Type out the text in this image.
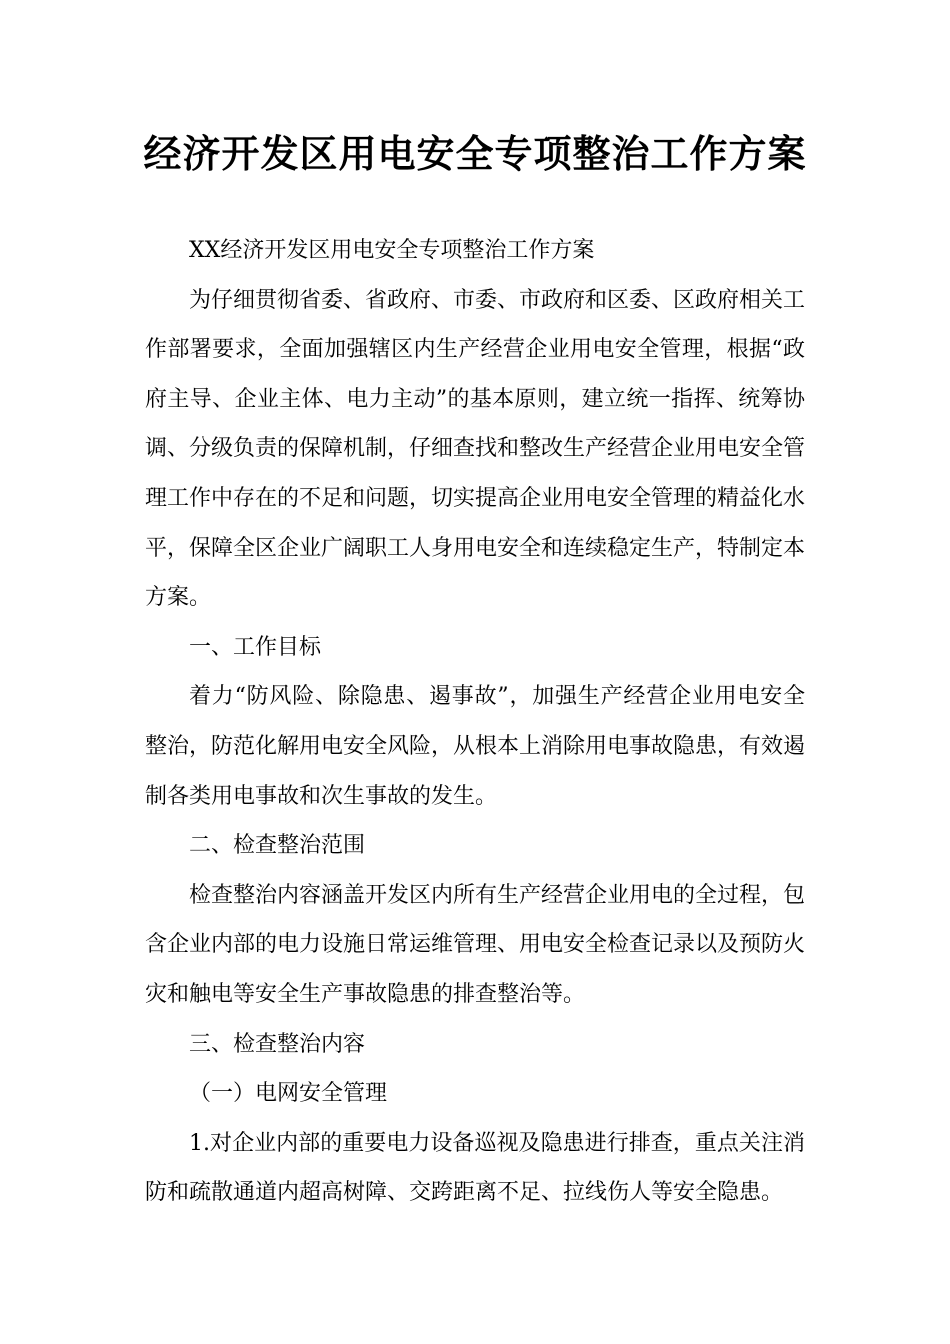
经济开发区用电安全专项整治工作方案

XX经济开发区用电安全专项整治工作方案

为仔细贯彻省委、省政府、市委、市政府和区委、区政府相关工作部署要求，全面加强辖区内生产经营企业用电安全管理，根据“政府主导、企业主体、电力主动”的基本原则，建立统一指挥、统筹协调、分级负责的保障机制，仔细查找和整改生产经营企业用电安全管理工作中存在的不足和问题，切实提高企业用电安全管理的精益化水平，保障全区企业广阔职工人身用电安全和连续稳定生产，特制定本方案。

一、工作目标

着力“防风险、除隐患、遏事故”，加强生产经营企业用电安全整治，防范化解用电安全风险，从根本上消除用电事故隐患，有效遏制各类用电事故和次生事故的发生。

二、检查整治范围

检查整治内容涵盖开发区内所有生产经营企业用电的全过程，包含企业内部的电力设施日常运维管理、用电安全检查记录以及预防火灾和触电等安全生产事故隐患的排查整治等。

三、检查整治内容

（一）电网安全管理

1.对企业内部的重要电力设备巡视及隐患进行排查，重点关注消防和疏散通道内超高树障、交跨距离不足、拉线伤人等安全隐患。
